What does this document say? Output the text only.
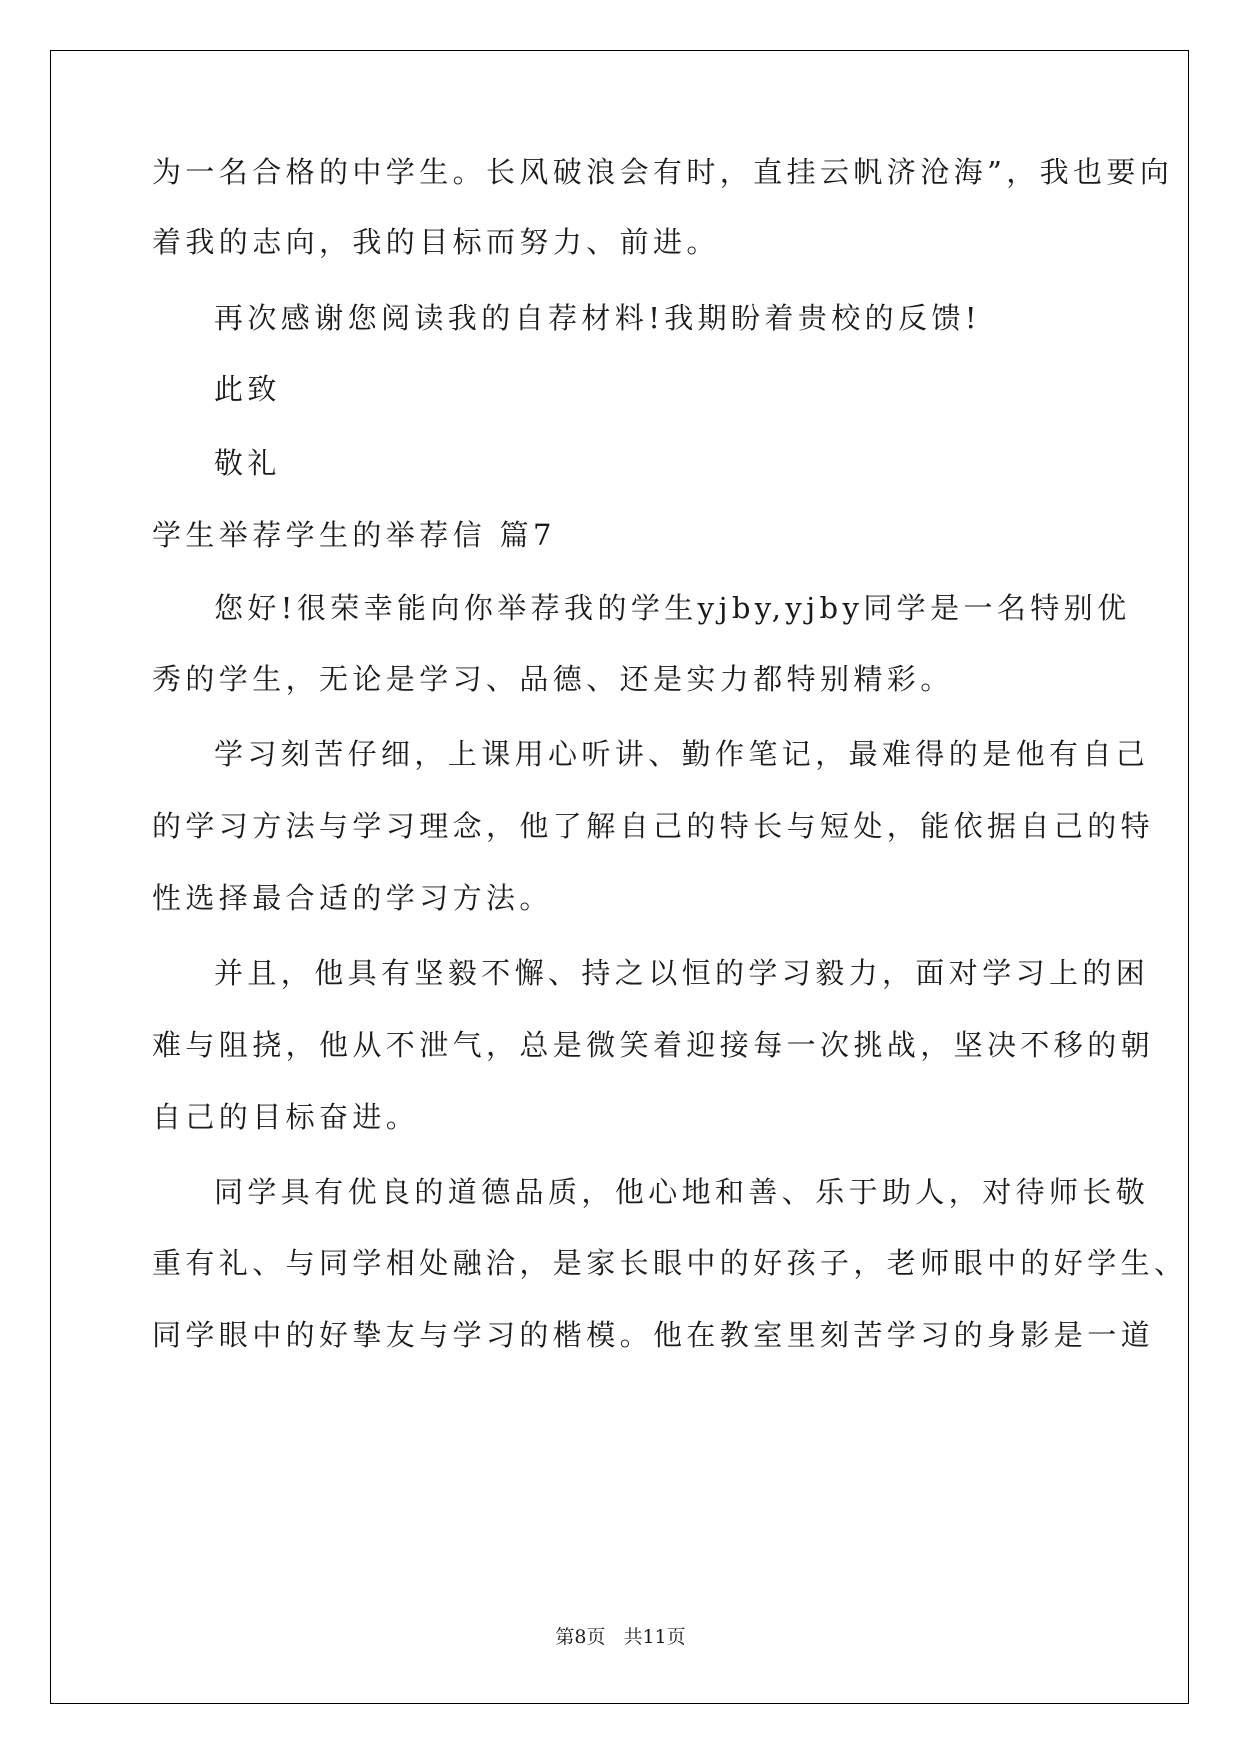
为一名合格的中学生。长风破浪会有时，直挂云帆济沧海”，我也要向
着我的志向，我的目标而努力、前进。
再次感谢您阅读我的自荐材料!我期盼着贵校的反馈!
此致
敬礼
学生举荐学生的举荐信 篇7
您好!很荣幸能向你举荐我的学生yjby,yjby同学是一名特别优
秀的学生，无论是学习、品德、还是实力都特别精彩。
学习刻苦仔细，上课用心听讲、勤作笔记，最难得的是他有自己
的学习方法与学习理念，他了解自己的特长与短处，能依据自己的特
性选择最合适的学习方法。
并且，他具有坚毅不懈、持之以恒的学习毅力，面对学习上的困
难与阻挠，他从不泄气，总是微笑着迎接每一次挑战，坚决不移的朝
自己的目标奋进。
同学具有优良的道德品质，他心地和善、乐于助人，对待师长敬
重有礼、与同学相处融洽，是家长眼中的好孩子，老师眼中的好学生、
同学眼中的好挚友与学习的楷模。他在教室里刻苦学习的身影是一道
第8页 共11页
